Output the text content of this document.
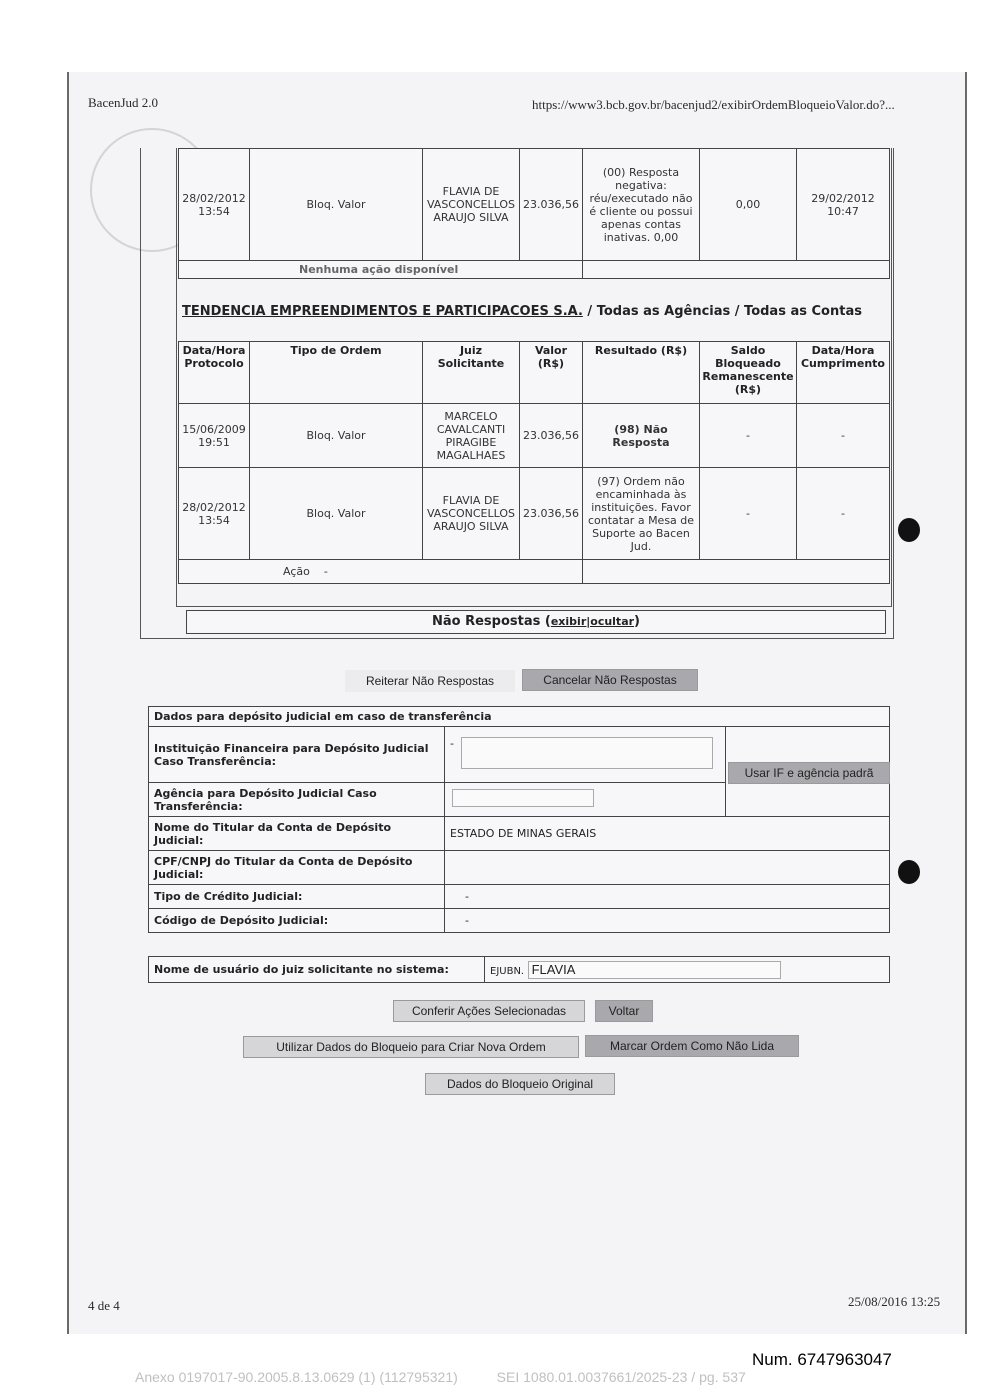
BacenJud 2.0	https://www3.bcb.gov.br/bacenjud2/exibirOrdemBloqueioValor.do?...
28/02/2012 13:54	Bloq. Valor	FLAVIA DE VASCONCELLOS ARAUJO SILVA	23.036,56	(00) Resposta negativa: réu/executado não é cliente ou possui apenas contas inativas. 0,00	0,00	29/02/2012 10:47
Nenhuma ação disponível						
TENDENCIA EMPREENDIMENTOS E PARTICIPACOES S.A. / Todas as Agências / Todas as Contas
Data/Hora Protocolo	Tipo de Ordem	Juiz Solicitante	Valor (R$)	Resultado (R$)	Saldo Bloqueado Remanescente (R$)	Data/Hora Cumprimento
15/06/2009 19:51	Bloq. Valor	MARCELO CAVALCANTI PIRAGIBE MAGALHAES	23.036,56	(98) Não Resposta	-	-
28/02/2012 13:54	Bloq. Valor	FLAVIA DE VASCONCELLOS ARAUJO SILVA	23.036,56	(97) Ordem não encaminhada às instituições. Favor contatar a Mesa de Suporte ao Bacen Jud.	-	-
Ação -						
Não Respostas (exibir|ocultar)
Reiterar Não Respostas	Cancelar Não Respostas
Dados para depósito judicial em caso de transferência		
Instituição Financeira para Depósito Judicial Caso Transferência:	-	
Agência para Depósito Judicial Caso Transferência:		
Nome do Titular da Conta de Depósito Judicial:	ESTADO DE MINAS GERAIS	
CPF/CNPJ do Titular da Conta de Depósito Judicial:		
Tipo de Crédito Judicial:	-	
Código de Depósito Judicial:	-	
Usar IF e agência padrã
Nome de usuário do juiz solicitante no sistema:	EJUBN. FLAVIA
Conferir Ações Selecionadas	Voltar
Utilizar Dados do Bloqueio para Criar Nova Ordem	Marcar Ordem Como Não Lida
Dados do Bloqueio Original
4 de 4	25/08/2016 13:25
Num. 6747963047
Anexo 0197017-90.2005.8.13.0629 (1) (112795321)          SEI 1080.01.0037661/2025-23 / pg. 537
